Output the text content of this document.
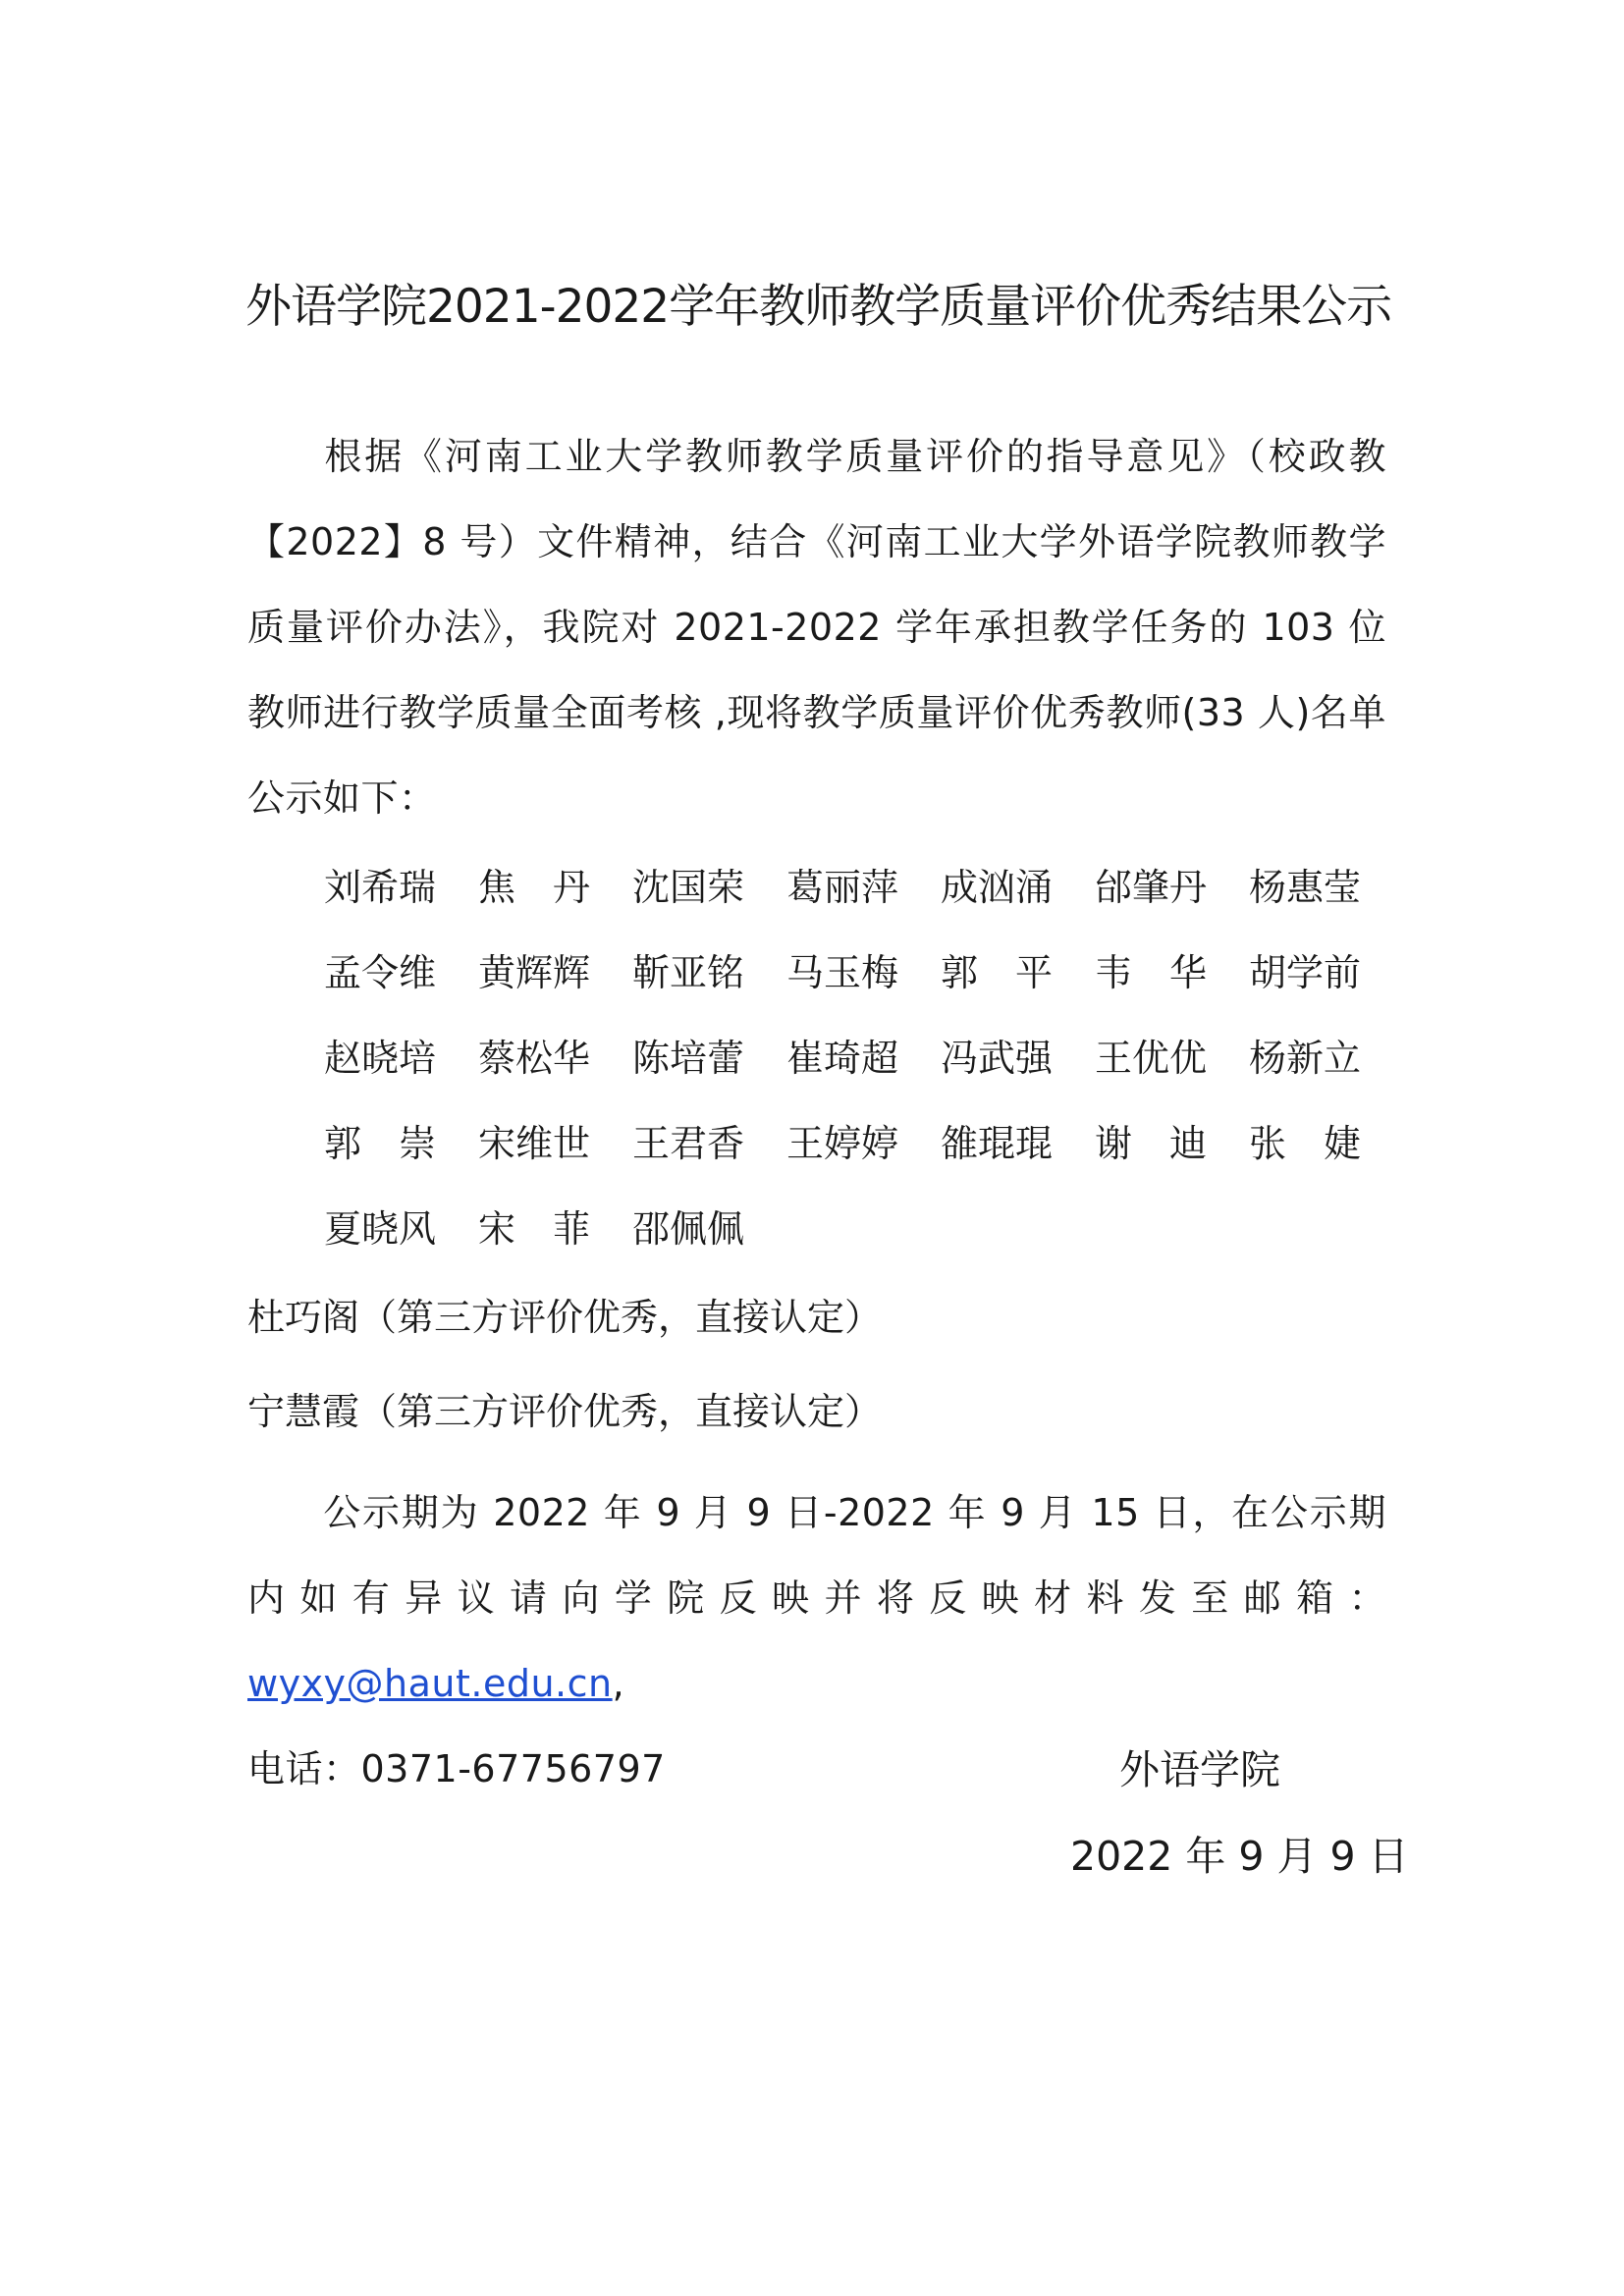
外语学院2021-2022学年教师教学质量评价优秀结果公示
根据《河南工业大学教师教学质量评价的指导意见》（校政教【2022】8 号）文件精神，结合《河南工业大学外语学院教师教学质量评价办法》，我院对 2021-2022 学年承担教学任务的 103 位教师进行教学质量全面考核 ,现将教学质量评价优秀教师(33 人)名单公示如下：
刘希瑞	焦　丹	沈国荣	葛丽萍	成汹涌	邰肇丹	杨惠莹
孟令维	黄辉辉	靳亚铭	马玉梅	郭　平	韦　华	胡学前
赵晓培	蔡松华	陈培蕾	崔琦超	冯武强	王优优	杨新立
郭　崇	宋维世	王君香	王婷婷	雒琨琨	谢　迪	张　婕
夏晓风	宋　菲	邵佩佩
杜巧阁（第三方评价优秀，直接认定）
宁慧霞（第三方评价优秀，直接认定）
公示期为 2022 年 9 月 9 日-2022 年 9 月 15 日，在公示期内如有异议请向学院反映并将反映材料发至邮箱：wyxy@haut.edu.cn,
电话：0371-67756797	外语学院
2022 年 9 月 9 日
